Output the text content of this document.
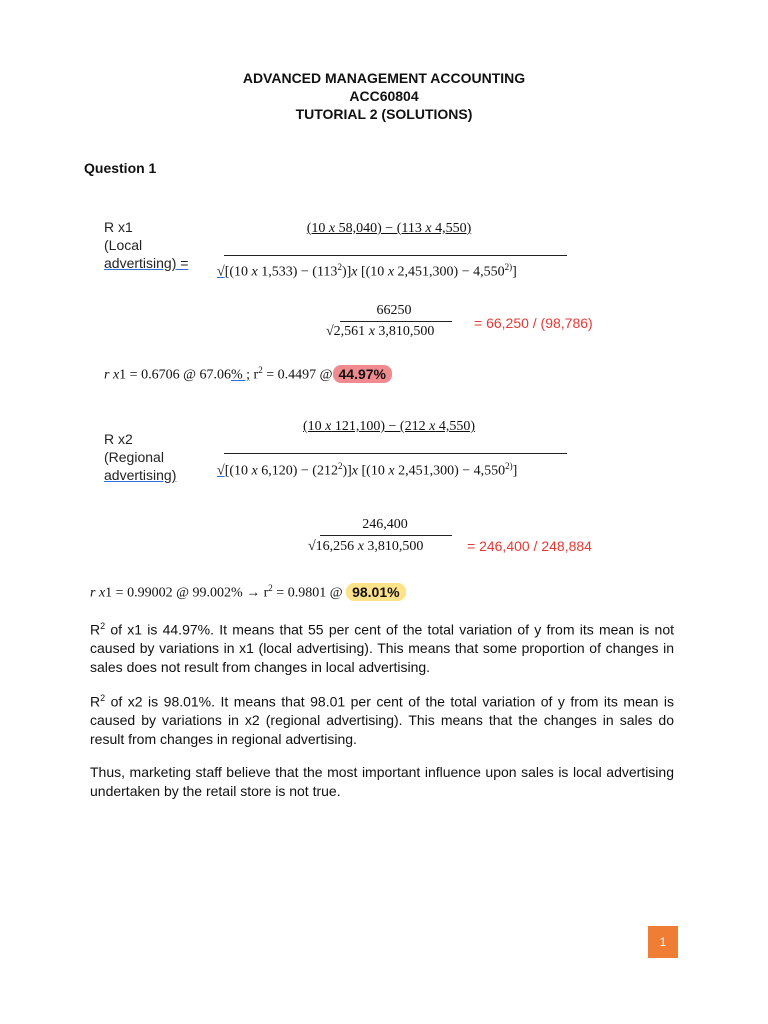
ADVANCED MANAGEMENT ACCOUNTING
ACC60804
TUTORIAL 2 (SOLUTIONS)
Question 1
R x1
(Local
advertising) =
(10 x 58,040) − (113 x 4,550)
√[(10 x $1,533) - (113^2)]x$ [(10 x $2,451,300) - 4,550^{2)}$]
66250
√2,561 x 3,810,500
= 66,250 / (98,786)
r x1 = 0.6706 @ 67.06% ; $r^2 = 0.4497$ @ 44.97%
R x2
(Regional
advertising)
(10 x 121,100) − (212 x 4,550)
√[(10 x $6,120) - (212^2)]x$ [(10 x $2,451,300) - 4,550^{2)}$]
246,400
√16,256 x 3,810,500	= 246,400 / 248,884
r x1 = 0.99002 @ $99.002\% \to r^2 = 0.9801$ @ 98.01%
$R^2$ of x1 is 44.97%. It means that 55 per cent of the total variation of y from its mean is not caused by variations in x1 (local advertising). This means that some proportion of changes in sales does not result from changes in local advertising.
$R^2$ of x2 is 98.01%. It means that 98.01 per cent of the total variation of y from its mean is caused by variations in x2 (regional advertising). This means that the changes in sales do result from changes in regional advertising.
Thus, marketing staff believe that the most important influence upon sales is local advertising undertaken by the retail store is not true.
1
